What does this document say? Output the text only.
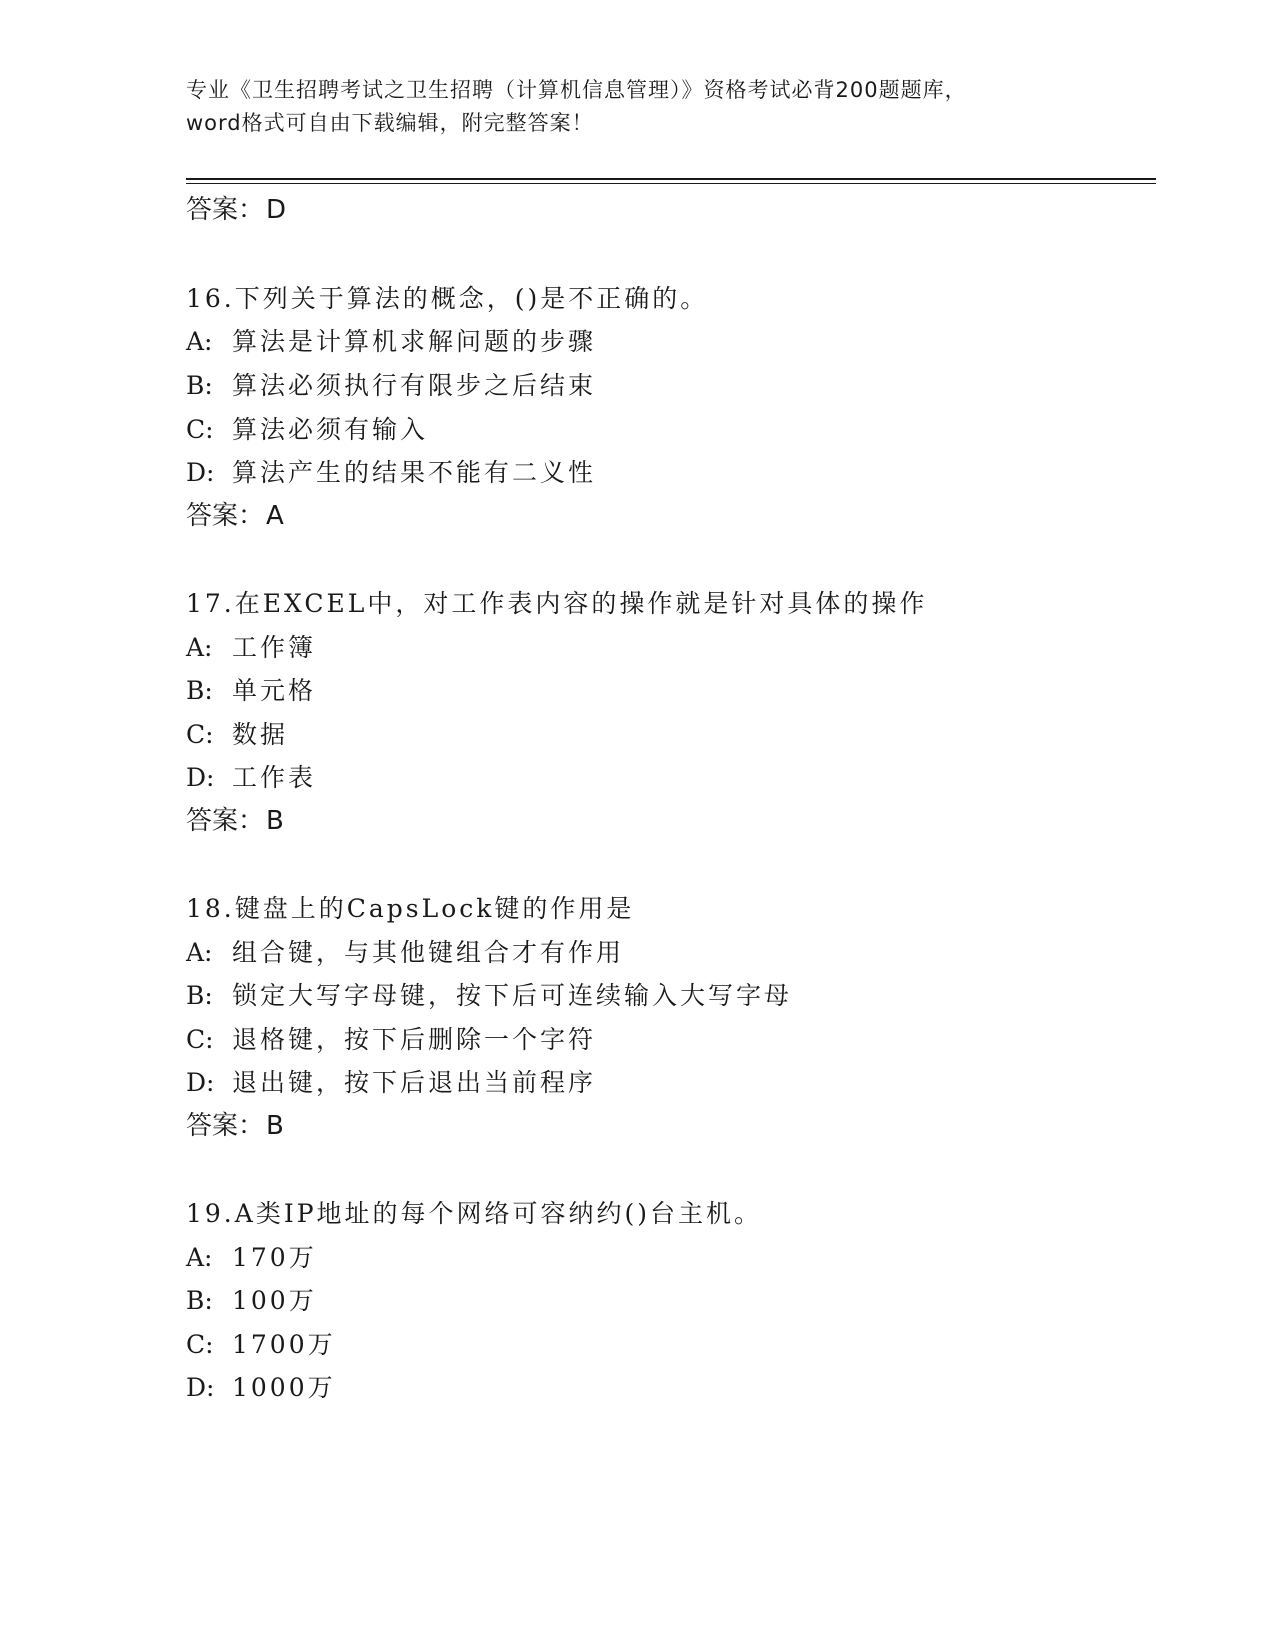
专业《卫生招聘考试之卫生招聘（计算机信息管理）》资格考试必背200题题库，
word格式可自由下载编辑，附完整答案！
答案：D
16.下列关于算法的概念，()是不正确的。
A: 算法是计算机求解问题的步骤
B: 算法必须执行有限步之后结束
C: 算法必须有输入
D: 算法产生的结果不能有二义性
答案：A
17.在EXCEL中，对工作表内容的操作就是针对具体的操作
A: 工作簿
B: 单元格
C: 数据
D: 工作表
答案：B
18.键盘上的CapsLock键的作用是
A: 组合键，与其他键组合才有作用
B: 锁定大写字母键，按下后可连续输入大写字母
C: 退格键，按下后删除一个字符
D: 退出键，按下后退出当前程序
答案：B
19.A类IP地址的每个网络可容纳约()台主机。
A: 170万
B: 100万
C: 1700万
D: 1000万
